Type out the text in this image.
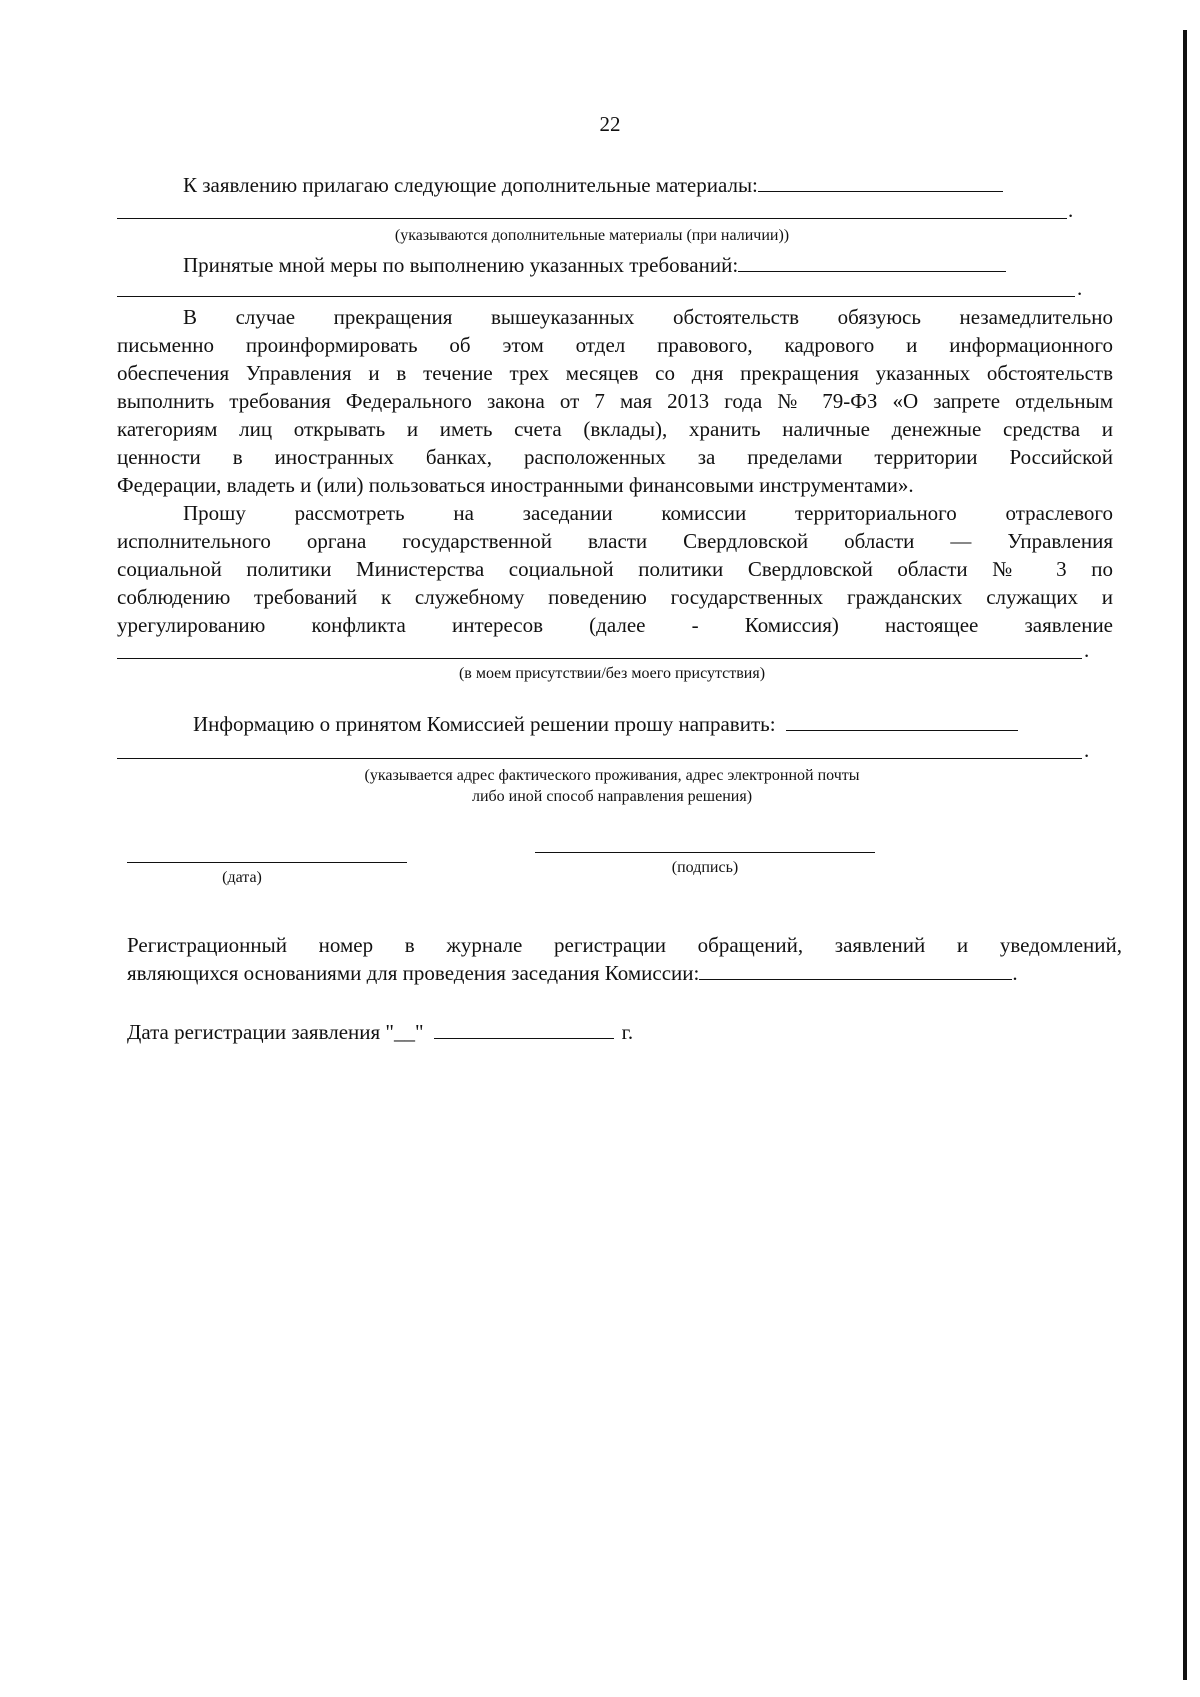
22
К заявлению прилагаю следующие дополнительные материалы:
.
(указываются дополнительные материалы (при наличии))
Принятые мной меры по выполнению указанных требований:
.
В случае прекращения вышеуказанных обстоятельств обязуюсь незамедлительно
письменно проинформировать об этом отдел правового, кадрового и информационного
обеспечения Управления и в течение трех месяцев со дня прекращения указанных обстоятельств
выполнить требования Федерального закона от 7 мая 2013 года № 79-ФЗ «О запрете отдельным
категориям лиц открывать и иметь счета (вклады), хранить наличные денежные средства и
ценности в иностранных банках, расположенных за пределами территории Российской
Федерации, владеть и (или) пользоваться иностранными финансовыми инструментами».
Прошу рассмотреть на заседании комиссии территориального отраслевого
исполнительного органа государственной власти Свердловской области — Управления
социальной политики Министерства социальной политики Свердловской области № 3 по
соблюдению требований к служебному поведению государственных гражданских служащих и
урегулированию конфликта интересов (далее - Комиссия) настоящее заявление
.
(в моем присутствии/без моего присутствия)
Информацию о принятом Комиссией решении прошу направить:
.
(указывается адрес фактического проживания, адрес электронной почты
либо иной способ направления решения)
(дата)
(подпись)
Регистрационный номер в журнале регистрации обращений, заявлений и уведомлений,
являющихся основаниями для проведения заседания Комиссии:	.
Дата регистрации заявления "__"	г.
